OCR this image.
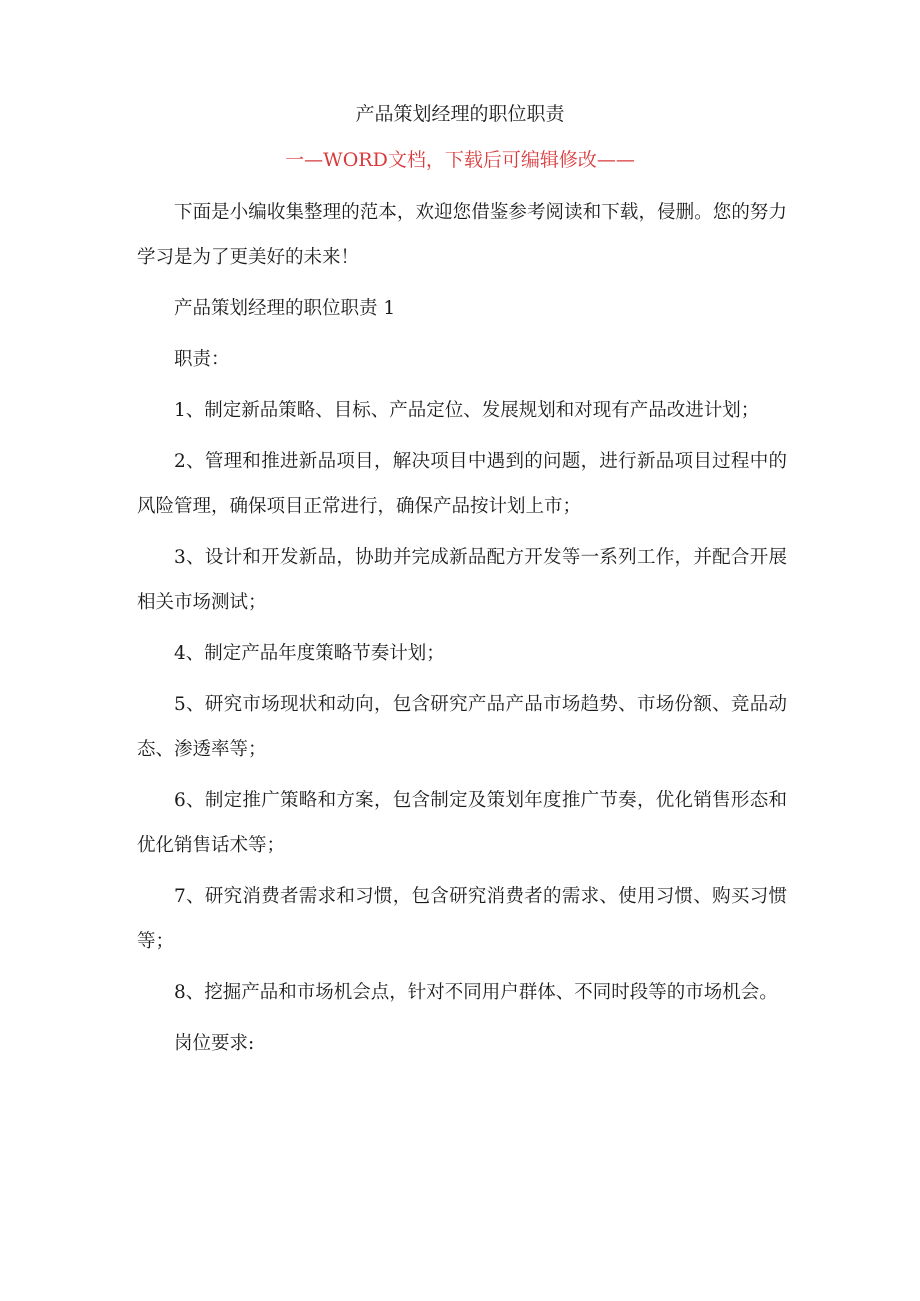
产品策划经理的职位职责
一—WORD文档，下载后可编辑修改——

下面是小编收集整理的范本，欢迎您借鉴参考阅读和下载，侵删。您的努力学习是为了更美好的未来！

产品策划经理的职位职责 1

职责：

1、制定新品策略、目标、产品定位、发展规划和对现有产品改进计划；

2、管理和推进新品项目，解决项目中遇到的问题，进行新品项目过程中的风险管理，确保项目正常进行，确保产品按计划上市；

3、设计和开发新品，协助并完成新品配方开发等一系列工作，并配合开展相关市场测试；

4、制定产品年度策略节奏计划；

5、研究市场现状和动向，包含研究产品产品市场趋势、市场份额、竞品动态、渗透率等；

6、制定推广策略和方案，包含制定及策划年度推广节奏，优化销售形态和优化销售话术等；

7、研究消费者需求和习惯，包含研究消费者的需求、使用习惯、购买习惯等；

8、挖掘产品和市场机会点，针对不同用户群体、不同时段等的市场机会。

岗位要求:
